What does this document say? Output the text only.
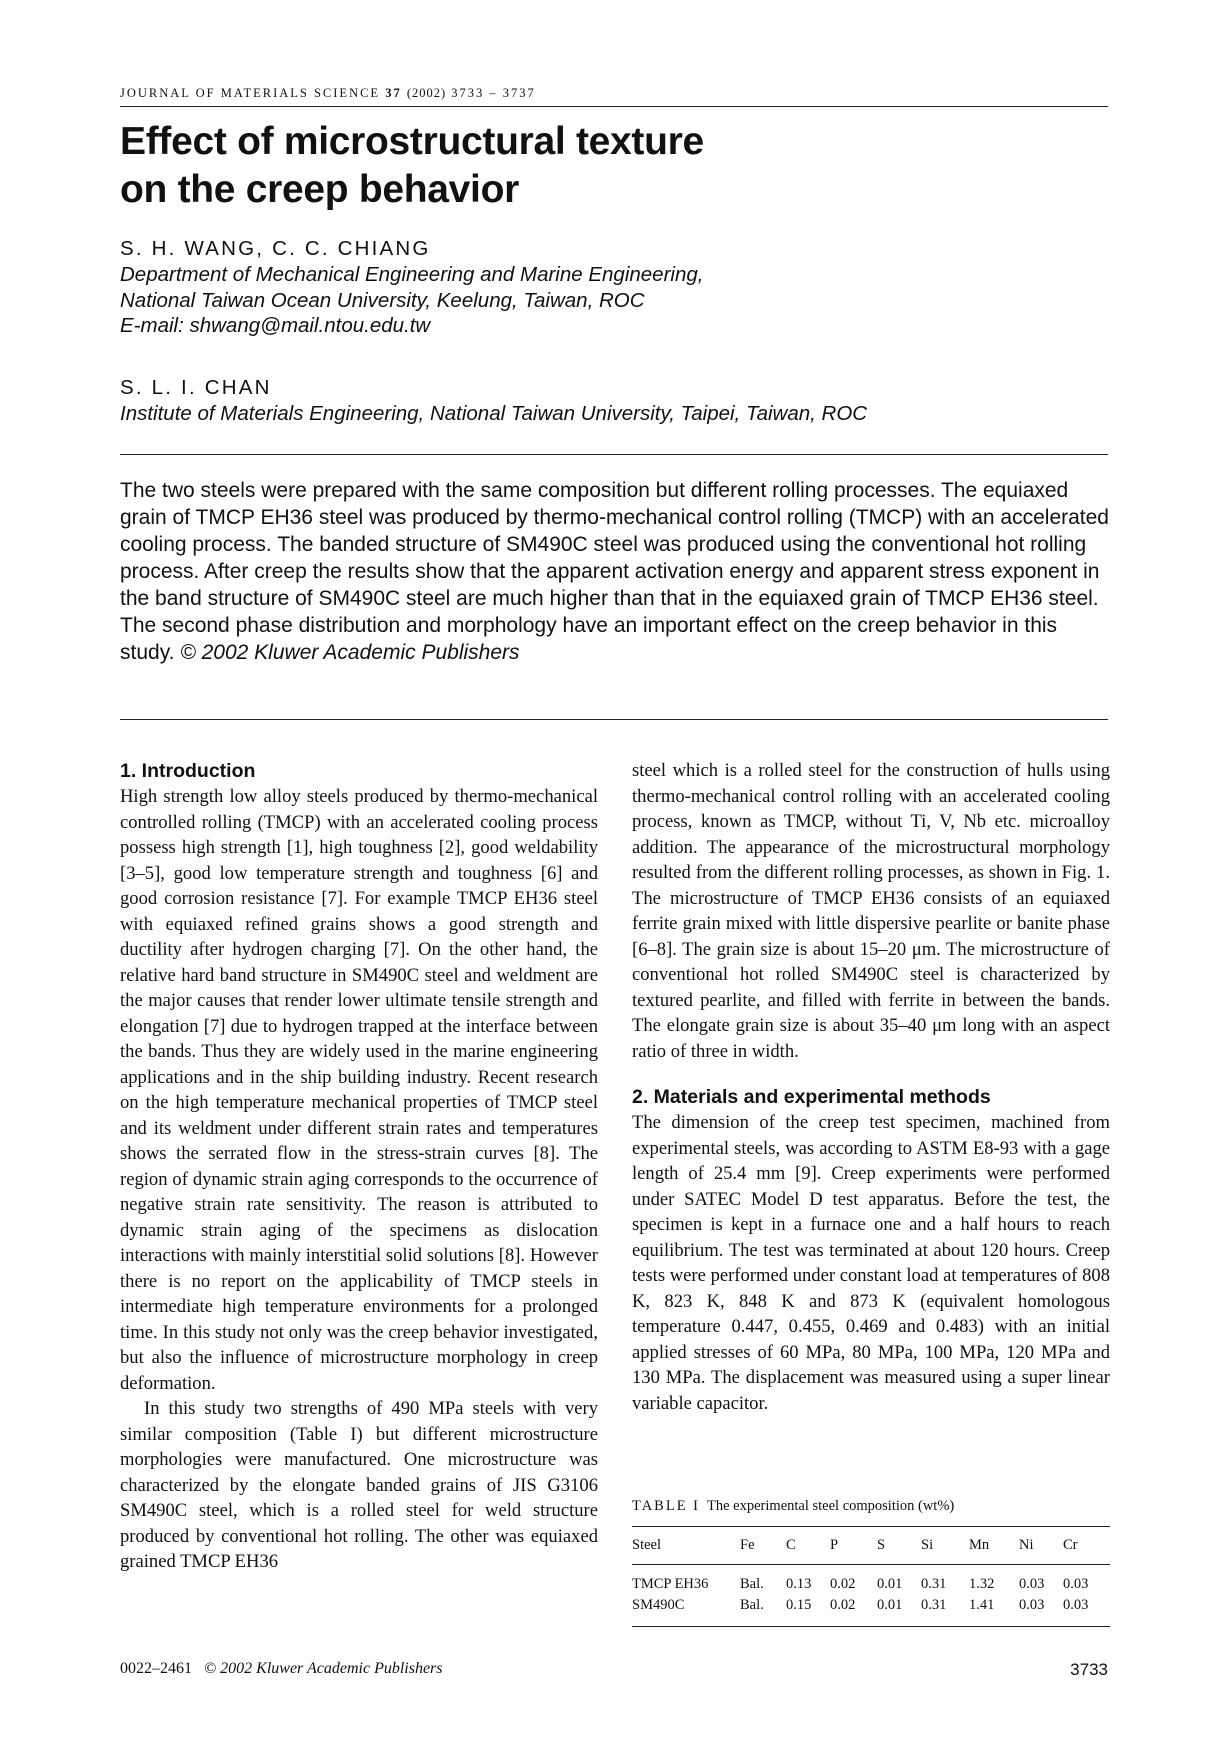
JOURNAL OF MATERIALS SCIENCE 37 (2002) 3733 – 3737
Effect of microstructural texture
on the creep behavior
S. H. WANG, C. C. CHIANG
Department of Mechanical Engineering and Marine Engineering,
National Taiwan Ocean University, Keelung, Taiwan, ROC
E-mail: shwang@mail.ntou.edu.tw
S. L. I. CHAN
Institute of Materials Engineering, National Taiwan University, Taipei, Taiwan, ROC

The two steels were prepared with the same composition but different rolling processes. The equiaxed grain of TMCP EH36 steel was produced by thermo-mechanical control rolling (TMCP) with an accelerated cooling process. The banded structure of SM490C steel was produced using the conventional hot rolling process. After creep the results show that the apparent activation energy and apparent stress exponent in the band structure of SM490C steel are much higher than that in the equiaxed grain of TMCP EH36 steel. The second phase distribution and morphology have an important effect on the creep behavior in this study. © 2002 Kluwer Academic Publishers

1. Introduction

High strength low alloy steels produced by thermo-mechanical controlled rolling (TMCP) with an accelerated cooling process possess high strength [1], high toughness [2], good weldability [3–5], good low temperature strength and toughness [6] and good corrosion resistance [7]. For example TMCP EH36 steel with equiaxed refined grains shows a good strength and ductility after hydrogen charging [7]. On the other hand, the relative hard band structure in SM490C steel and weldment are the major causes that render lower ultimate tensile strength and elongation [7] due to hydrogen trapped at the interface between the bands. Thus they are widely used in the marine engineering applications and in the ship building industry. Recent research on the high temperature mechanical properties of TMCP steel and its weldment under different strain rates and temperatures shows the serrated flow in the stress-strain curves [8]. The region of dynamic strain aging corresponds to the occurrence of negative strain rate sensitivity. The reason is attributed to dynamic strain aging of the specimens as dislocation interactions with mainly interstitial solid solutions [8]. However there is no report on the applicability of TMCP steels in intermediate high temperature environments for a prolonged time. In this study not only was the creep behavior investigated, but also the influence of microstructure morphology in creep deformation.

In this study two strengths of 490 MPa steels with very similar composition (Table I) but different microstructure morphologies were manufactured. One microstructure was characterized by the elongate banded grains of JIS G3106 SM490C steel, which is a rolled steel for weld structure produced by conventional hot rolling. The other was equiaxed grained TMCP EH36

steel which is a rolled steel for the construction of hulls using thermo-mechanical control rolling with an accelerated cooling process, known as TMCP, without Ti, V, Nb etc. microalloy addition. The appearance of the microstructural morphology resulted from the different rolling processes, as shown in Fig. 1. The microstructure of TMCP EH36 consists of an equiaxed ferrite grain mixed with little dispersive pearlite or banite phase [6–8]. The grain size is about 15–20 μm. The microstructure of conventional hot rolled SM490C steel is characterized by textured pearlite, and filled with ferrite in between the bands. The elongate grain size is about 35–40 μm long with an aspect ratio of three in width.

2. Materials and experimental methods

The dimension of the creep test specimen, machined from experimental steels, was according to ASTM E8-93 with a gage length of 25.4 mm [9]. Creep experiments were performed under SATEC Model D test apparatus. Before the test, the specimen is kept in a furnace one and a half hours to reach equilibrium. The test was terminated at about 120 hours. Creep tests were performed under constant load at temperatures of 808 K, 823 K, 848 K and 873 K (equivalent homologous temperature 0.447, 0.455, 0.469 and 0.483) with an initial applied stresses of 60 MPa, 80 MPa, 100 MPa, 120 MPa and 130 MPa. The displacement was measured using a super linear variable capacitor.

TABLE I The experimental steel composition (wt%)

Steel	Fe	C	P	S	Si	Mn	Ni	Cr
TMCP EH36	Bal.	0.13	0.02	0.01	0.31	1.32	0.03	0.03
SM490C	Bal.	0.15	0.02	0.01	0.31	1.41	0.03	0.03
0022–2461 © 2002 Kluwer Academic Publishers	3733
